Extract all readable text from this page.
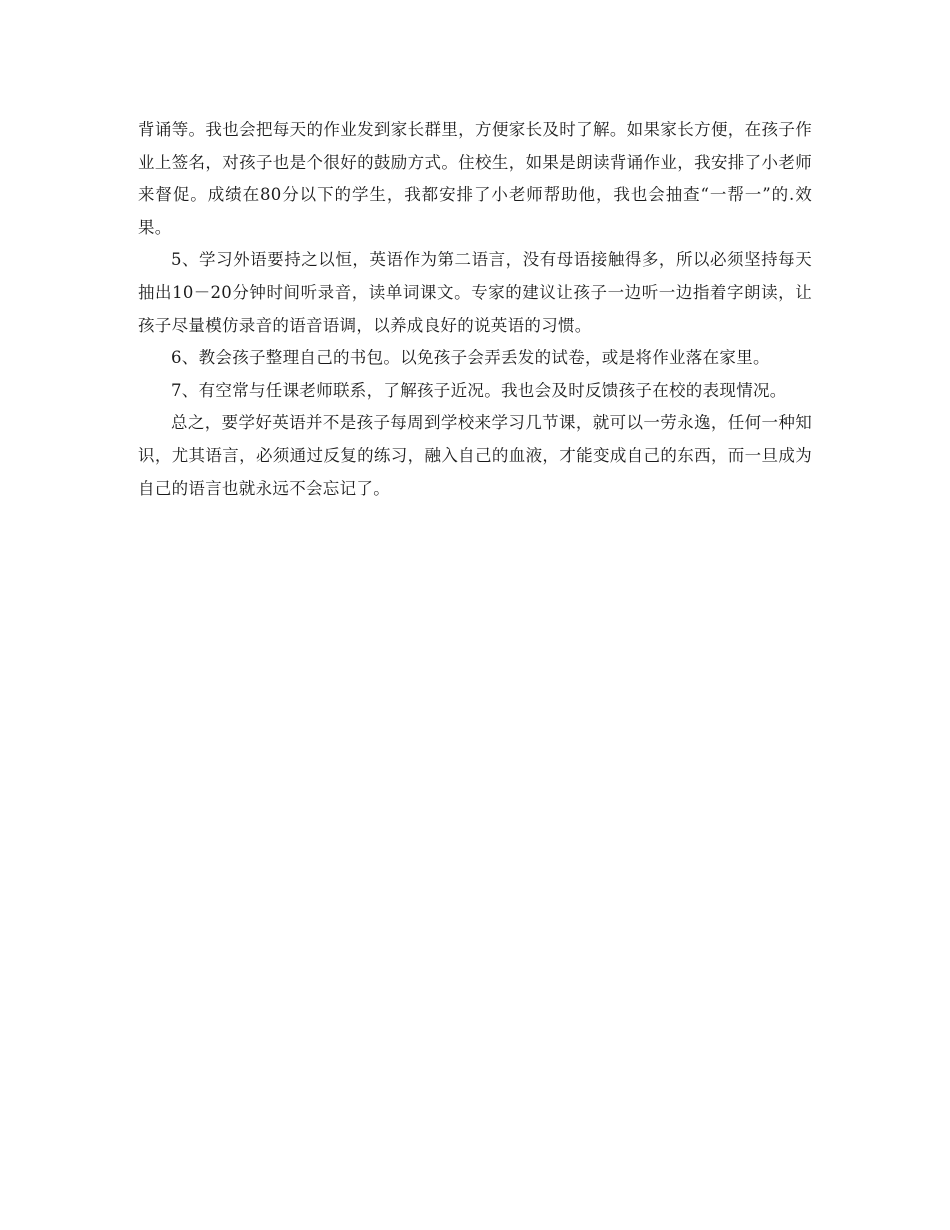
背诵等。我也会把每天的作业发到家长群里，方便家长及时了解。如果家长方便，在孩子作业上签名，对孩子也是个很好的鼓励方式。住校生，如果是朗读背诵作业，我安排了小老师来督促。成绩在80分以下的学生，我都安排了小老师帮助他，我也会抽查“一帮一”的.效果。

5、学习外语要持之以恒，英语作为第二语言，没有母语接触得多，所以必须坚持每天抽出10－20分钟时间听录音，读单词课文。专家的建议让孩子一边听一边指着字朗读，让孩子尽量模仿录音的语音语调，以养成良好的说英语的习惯。

6、教会孩子整理自己的书包。以免孩子会弄丢发的试卷，或是将作业落在家里。

7、有空常与任课老师联系，了解孩子近况。我也会及时反馈孩子在校的表现情况。

总之，要学好英语并不是孩子每周到学校来学习几节课，就可以一劳永逸，任何一种知识，尤其语言，必须通过反复的练习，融入自己的血液，才能变成自己的东西，而一旦成为自己的语言也就永远不会忘记了。
